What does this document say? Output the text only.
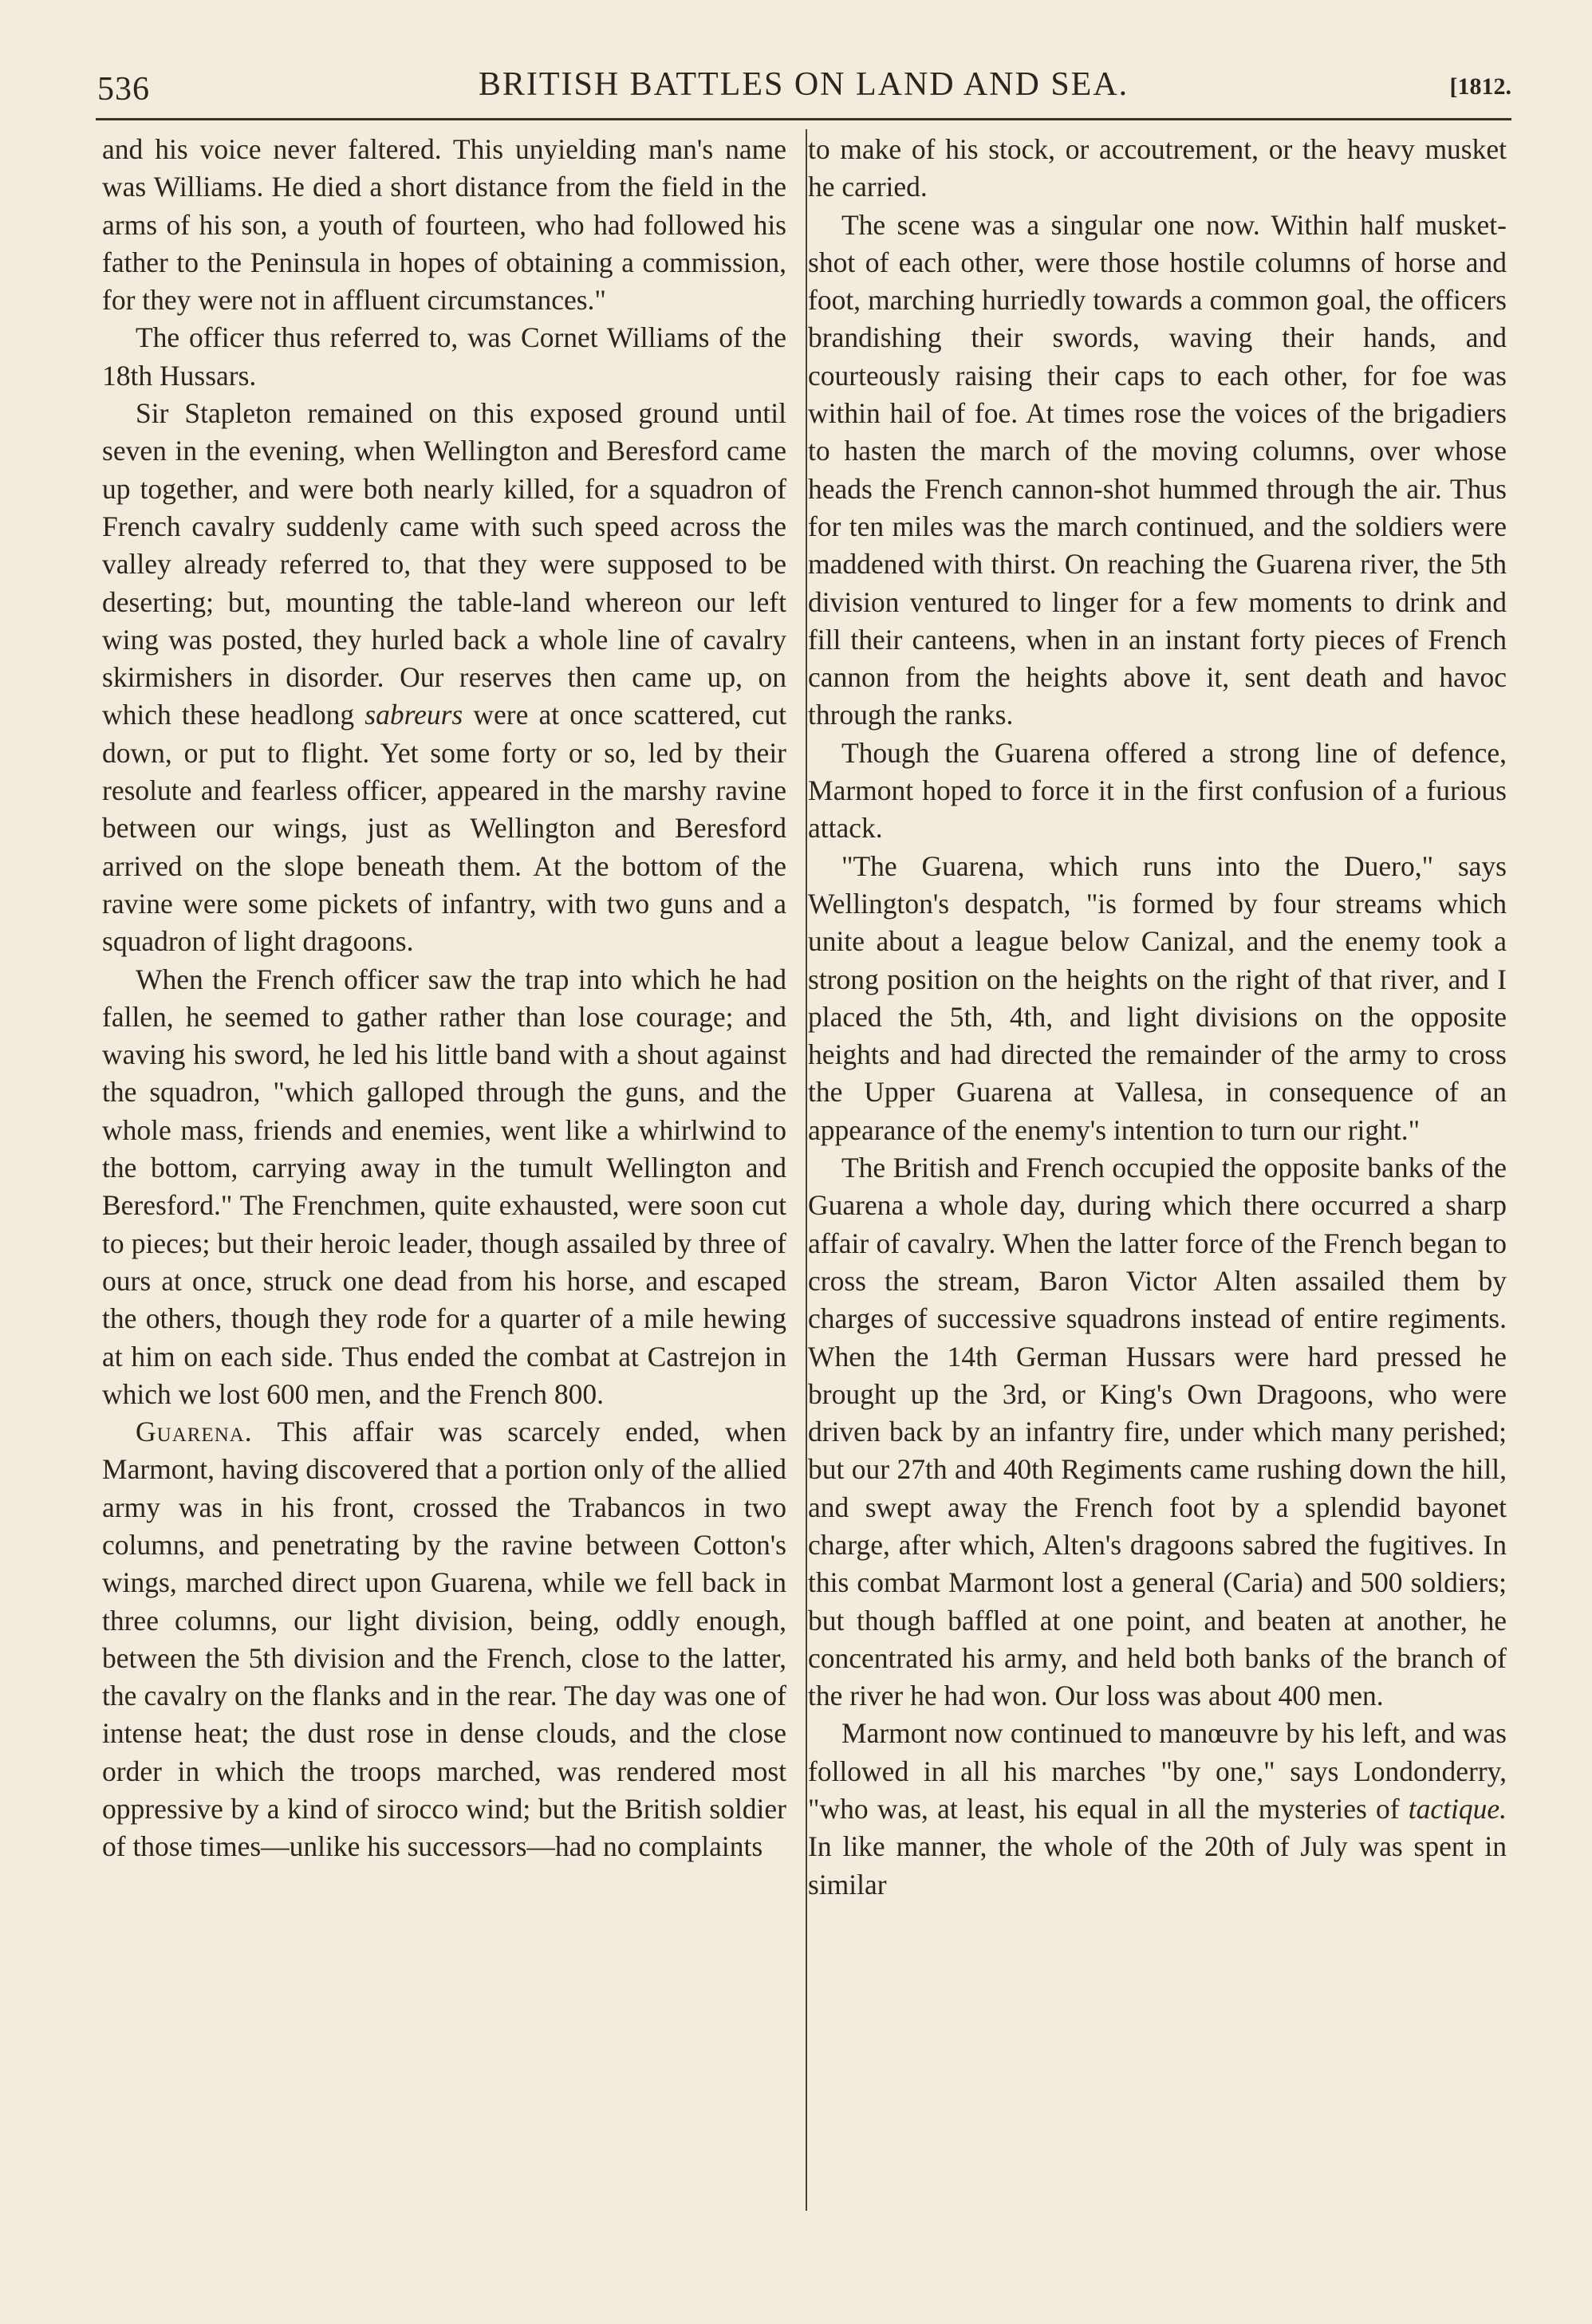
536	BRITISH BATTLES ON LAND AND SEA.	[1812.

and his voice never faltered. This unyielding man's name was Williams. He died a short distance from the field in the arms of his son, a youth of fourteen, who had followed his father to the Peninsula in hopes of obtaining a commission, for they were not in affluent circumstances."

The officer thus referred to, was Cornet Williams of the 18th Hussars.

Sir Stapleton remained on this exposed ground until seven in the evening, when Wellington and Beresford came up together, and were both nearly killed, for a squadron of French cavalry suddenly came with such speed across the valley already referred to, that they were supposed to be deserting; but, mounting the table-land whereon our left wing was posted, they hurled back a whole line of cavalry skirmishers in disorder. Our reserves then came up, on which these headlong sabreurs were at once scattered, cut down, or put to flight. Yet some forty or so, led by their resolute and fearless officer, appeared in the marshy ravine between our wings, just as Wellington and Beresford arrived on the slope beneath them. At the bottom of the ravine were some pickets of infantry, with two guns and a squadron of light dragoons.

When the French officer saw the trap into which he had fallen, he seemed to gather rather than lose courage; and waving his sword, he led his little band with a shout against the squadron, "which galloped through the guns, and the whole mass, friends and enemies, went like a whirlwind to the bottom, carrying away in the tumult Wellington and Beresford." The Frenchmen, quite exhausted, were soon cut to pieces; but their heroic leader, though assailed by three of ours at once, struck one dead from his horse, and escaped the others, though they rode for a quarter of a mile hewing at him on each side. Thus ended the combat at Castrejon in which we lost 600 men, and the French 800.

Guarena. This affair was scarcely ended, when Marmont, having discovered that a portion only of the allied army was in his front, crossed the Trabancos in two columns, and penetrating by the ravine between Cotton's wings, marched direct upon Guarena, while we fell back in three columns, our light division, being, oddly enough, between the 5th division and the French, close to the latter, the cavalry on the flanks and in the rear. The day was one of intense heat; the dust rose in dense clouds, and the close order in which the troops marched, was rendered most oppressive by a kind of sirocco wind; but the British soldier of those times—unlike his successors—had no complaints

to make of his stock, or accoutrement, or the heavy musket he carried.

The scene was a singular one now. Within half musket-shot of each other, were those hostile columns of horse and foot, marching hurriedly towards a common goal, the officers brandishing their swords, waving their hands, and courteously raising their caps to each other, for foe was within hail of foe. At times rose the voices of the brigadiers to hasten the march of the moving columns, over whose heads the French cannon-shot hummed through the air. Thus for ten miles was the march continued, and the soldiers were maddened with thirst. On reaching the Guarena river, the 5th division ventured to linger for a few moments to drink and fill their canteens, when in an instant forty pieces of French cannon from the heights above it, sent death and havoc through the ranks.

Though the Guarena offered a strong line of defence, Marmont hoped to force it in the first confusion of a furious attack.

"The Guarena, which runs into the Duero," says Wellington's despatch, "is formed by four streams which unite about a league below Canizal, and the enemy took a strong position on the heights on the right of that river, and I placed the 5th, 4th, and light divisions on the opposite heights and had directed the remainder of the army to cross the Upper Guarena at Vallesa, in consequence of an appearance of the enemy's intention to turn our right."

The British and French occupied the opposite banks of the Guarena a whole day, during which there occurred a sharp affair of cavalry. When the latter force of the French began to cross the stream, Baron Victor Alten assailed them by charges of successive squadrons instead of entire regiments. When the 14th German Hussars were hard pressed he brought up the 3rd, or King's Own Dragoons, who were driven back by an infantry fire, under which many perished; but our 27th and 40th Regiments came rushing down the hill, and swept away the French foot by a splendid bayonet charge, after which, Alten's dragoons sabred the fugitives. In this combat Marmont lost a general (Caria) and 500 soldiers; but though baffled at one point, and beaten at another, he concentrated his army, and held both banks of the branch of the river he had won. Our loss was about 400 men.

Marmont now continued to manœuvre by his left, and was followed in all his marches "by one," says Londonderry, "who was, at least, his equal in all the mysteries of tactique. In like manner, the whole of the 20th of July was spent in similar
